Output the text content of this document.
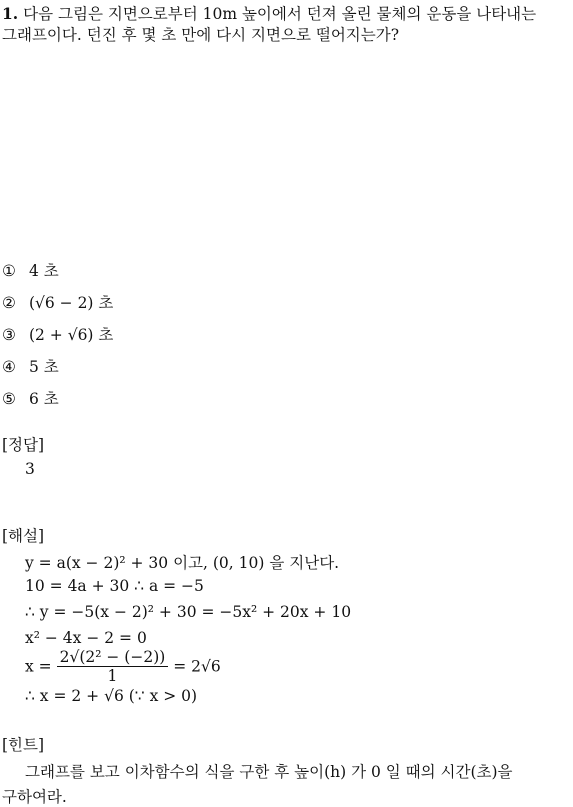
1. 다음 그림은 지면으로부터 10m 높이에서 던져 올린 물체의 운동을 나타내는
그래프이다. 던진 후 몇 초 만에 다시 지면으로 떨어지는가?
① 4 초
② (√6 − 2) 초
③ (2 + √6) 초
④ 5 초
⑤ 6 초
[정답]
3
[해설]
y = a(x − 2)² + 30 이고, (0, 10) 을 지난다.
10 = 4a + 30 ∴ a = −5
∴ y = −5(x − 2)² + 30 = −5x² + 20x + 10
x² − 4x − 2 = 0
$x = \frac{\text{2√(2² − (−2))}}{1} = 2√6$
∴ x = 2 + √6 (∵ x > 0)
[힌트]
그래프를 보고 이차함수의 식을 구한 후 높이(h) 가 0 일 때의 시간(초)을
구하여라.
